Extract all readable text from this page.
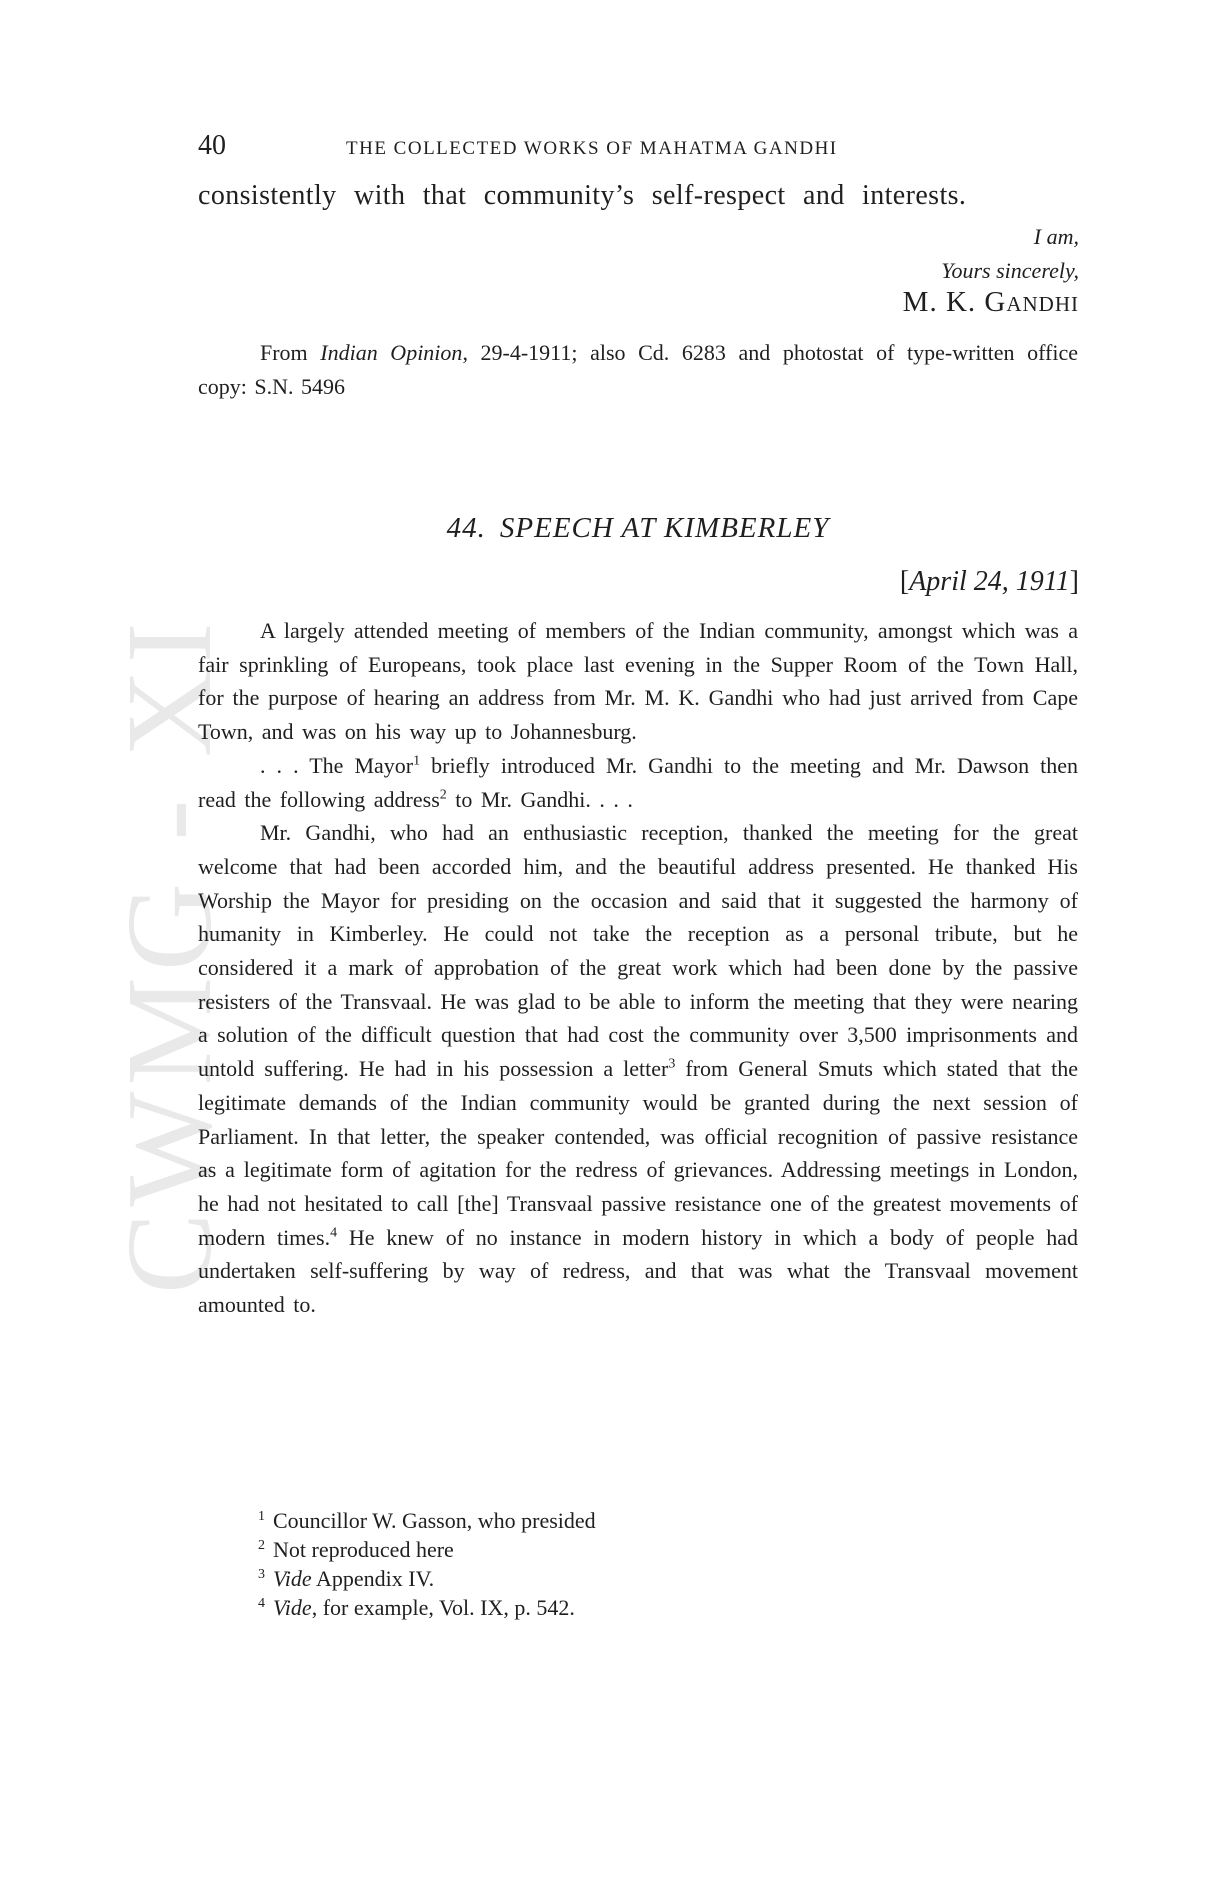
CWMG - XI
40	THE COLLECTED WORKS OF MAHATMA GANDHI
consistently with that community’s self-respect and interests.
I am,
Yours sincerely,
M. K. GANDHI
From Indian Opinion, 29-4-1911; also Cd. 6283 and photostat of type-written office copy: S.N. 5496
44. SPEECH AT KIMBERLEY
[April 24, 1911]

A largely attended meeting of members of the Indian community, amongst which was a fair sprinkling of Europeans, took place last evening in the Supper Room of the Town Hall, for the purpose of hearing an address from Mr. M. K. Gandhi who had just arrived from Cape Town, and was on his way up to Johannesburg.

. . . The Mayor$^1$ briefly introduced Mr. Gandhi to the meeting and Mr. Dawson then read the following address$^2$ to Mr. Gandhi. . . .

Mr. Gandhi, who had an enthusiastic reception, thanked the meeting for the great welcome that had been accorded him, and the beautiful address presented. He thanked His Worship the Mayor for presiding on the occasion and said that it suggested the harmony of humanity in Kimberley. He could not take the reception as a personal tribute, but he considered it a mark of approbation of the great work which had been done by the passive resisters of the Transvaal. He was glad to be able to inform the meeting that they were nearing a solution of the difficult question that had cost the community over 3,500 imprisonments and untold suffering. He had in his possession a letter$^3$ from General Smuts which stated that the legitimate demands of the Indian community would be granted during the next session of Parliament. In that letter, the speaker contended, was official recognition of passive resistance as a legitimate form of agitation for the redress of grievances. Addressing meetings in London, he had not hesitated to call [the] Transvaal passive resistance one of the greatest movements of modern times.$^4$ He knew of no instance in modern history in which a body of people had undertaken self-suffering by way of redress, and that was what the Transvaal movement amounted to.

$^1$ Councillor W. Gasson, who presided
$^2$ Not reproduced here
$^3$ Vide Appendix IV.
$^4$ Vide, for example, Vol. IX, p. 542.
